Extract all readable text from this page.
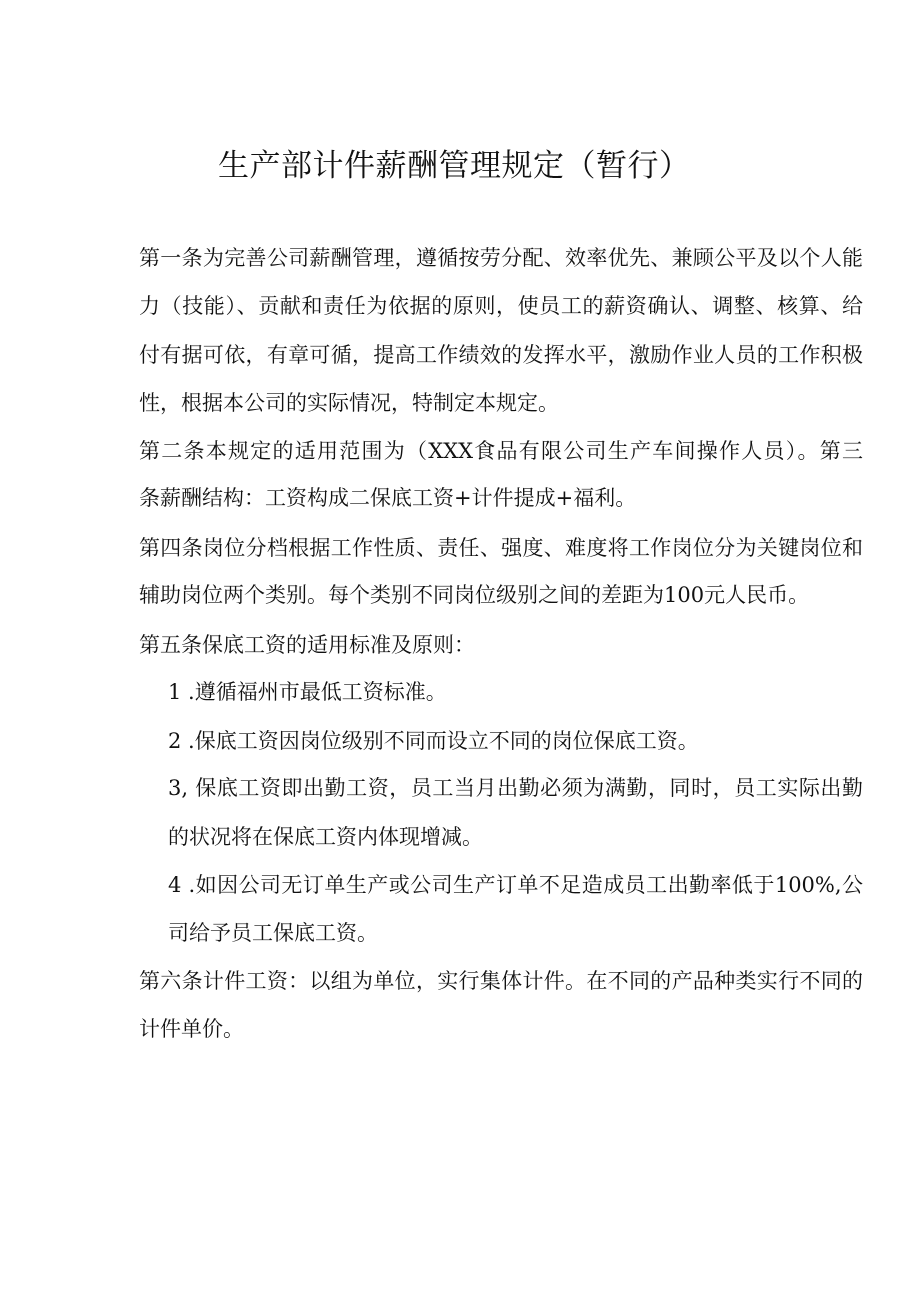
生产部计件薪酬管理规定（暂行）
第一条为完善公司薪酬管理，遵循按劳分配、效率优先、兼顾公平及以个人能
力（技能）、贡献和责任为依据的原则，使员工的薪资确认、调整、核算、给
付有据可依，有章可循，提高工作绩效的发挥水平，激励作业人员的工作积极
性，根据本公司的实际情况，特制定本规定。
第二条本规定的适用范围为（XXX食品有限公司生产车间操作人员）。第三
条薪酬结构：工资构成二保底工资+计件提成+福利。
第四条岗位分档根据工作性质、责任、强度、难度将工作岗位分为关键岗位和
辅助岗位两个类别。每个类别不同岗位级别之间的差距为100元人民币。
第五条保底工资的适用标准及原则：
1 .遵循福州市最低工资标准。
2 .保底工资因岗位级别不同而设立不同的岗位保底工资。
3, 保底工资即出勤工资，员工当月出勤必须为满勤，同时，员工实际出勤
的状况将在保底工资内体现增减。
4 .如因公司无订单生产或公司生产订单不足造成员工出勤率低于100%,公
司给予员工保底工资。
第六条计件工资：以组为单位，实行集体计件。在不同的产品种类实行不同的
计件单价。
